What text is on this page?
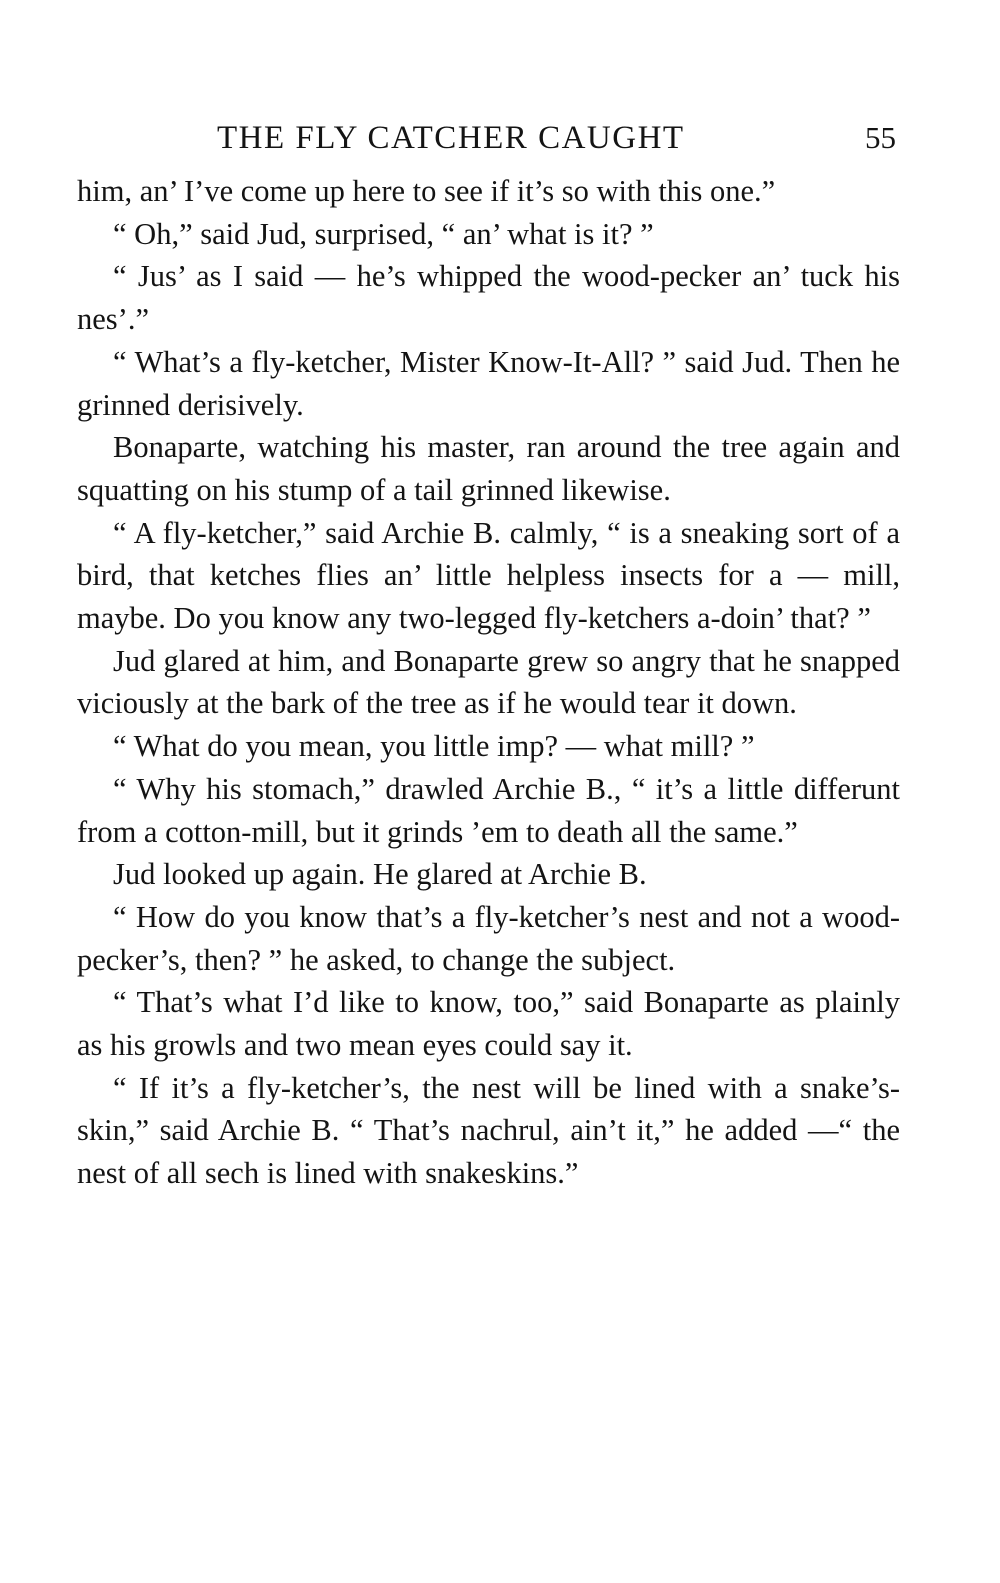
THE FLY CATCHER CAUGHT	55

him, an’ I’ve come up here to see if it’s so with this one.”

“ Oh,” said Jud, surprised, “ an’ what is it? ”

“ Jus’ as I said — he’s whipped the wood-pecker an’ tuck his nes’.”

“ What’s a fly-ketcher, Mister Know-It-All? ” said Jud. Then he grinned derisively.

Bonaparte, watching his master, ran around the tree again and squatting on his stump of a tail grinned likewise.

“ A fly-ketcher,” said Archie B. calmly, “ is a sneaking sort of a bird, that ketches flies an’ little helpless insects for a — mill, maybe. Do you know any two-legged fly-ketchers a-doin’ that? ”

Jud glared at him, and Bonaparte grew so angry that he snapped viciously at the bark of the tree as if he would tear it down.

“ What do you mean, you little imp? — what mill? ”

“ Why his stomach,” drawled Archie B., “ it’s a little differunt from a cotton-mill, but it grinds ’em to death all the same.”

Jud looked up again. He glared at Archie B.

“ How do you know that’s a fly-ketcher’s nest and not a wood-pecker’s, then? ” he asked, to change the subject.

“ That’s what I’d like to know, too,” said Bonaparte as plainly as his growls and two mean eyes could say it.

“ If it’s a fly-ketcher’s, the nest will be lined with a snake’s-skin,” said Archie B. “ That’s nachrul, ain’t it,” he added —“ the nest of all sech is lined with snakeskins.”
